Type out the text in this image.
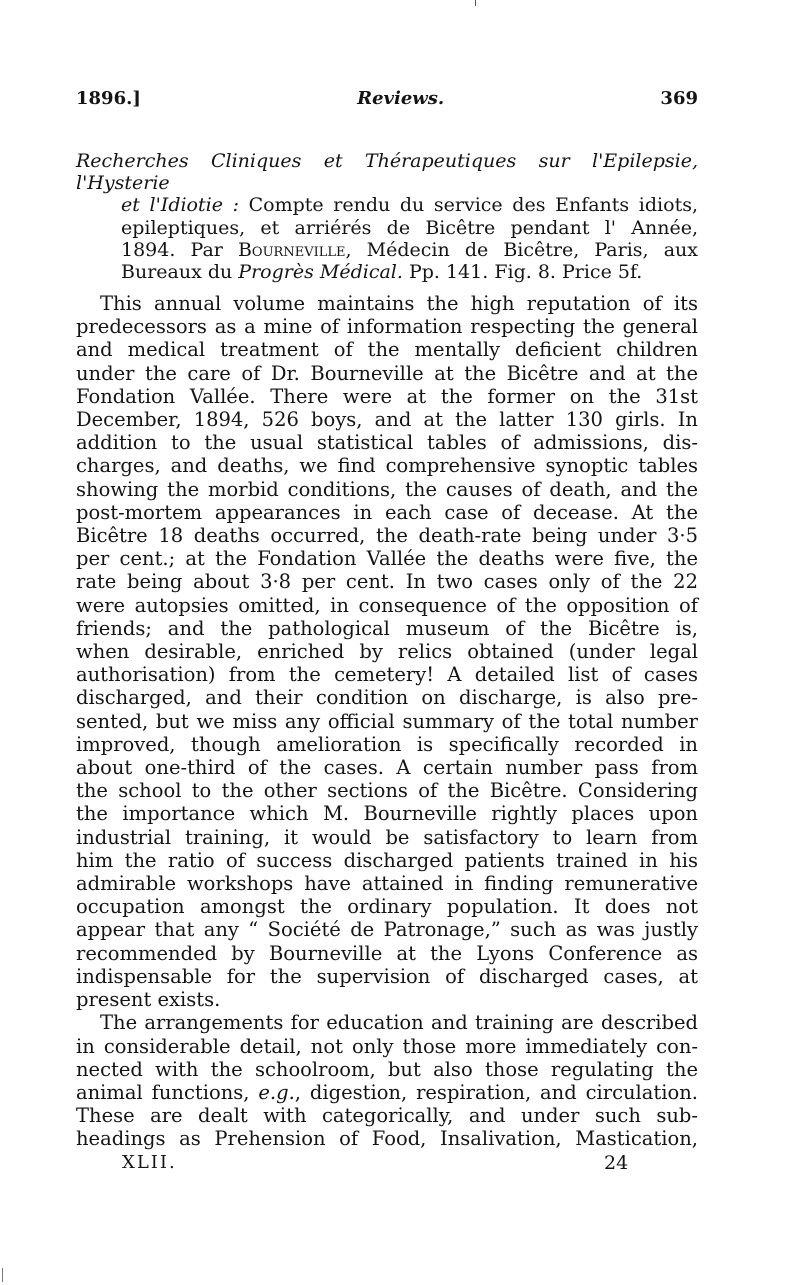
1896.]	Reviews.	369
Recherches Cliniques et Thérapeutiques sur l'Epilepsie, l'Hysterie
et l'Idiotie : Compte rendu du service des Enfants idiots,
epileptiques, et arriérés de Bicêtre pendant l' Année,
1894. Par Bourneville, Médecin de Bicêtre, Paris, aux
Bureaux du Progrès Médical. Pp. 141. Fig. 8. Price 5f.

This annual volume maintains the high reputation of its
predecessors as a mine of information respecting the general
and medical treatment of the mentally deficient children
under the care of Dr. Bourneville at the Bicêtre and at the
Fondation Vallée. There were at the former on the 31st
December, 1894, 526 boys, and at the latter 130 girls. In
addition to the usual statistical tables of admissions, dis-
charges, and deaths, we find comprehensive synoptic tables
showing the morbid conditions, the causes of death, and the
post-mortem appearances in each case of decease. At the
Bicêtre 18 deaths occurred, the death-rate being under 3·5
per cent.; at the Fondation Vallée the deaths were five, the
rate being about 3·8 per cent. In two cases only of the 22
were autopsies omitted, in consequence of the opposition of
friends; and the pathological museum of the Bicêtre is,
when desirable, enriched by relics obtained (under legal
authorisation) from the cemetery! A detailed list of cases
discharged, and their condition on discharge, is also pre-
sented, but we miss any official summary of the total number
improved, though amelioration is specifically recorded in
about one-third of the cases. A certain number pass from
the school to the other sections of the Bicêtre. Considering
the importance which M. Bourneville rightly places upon
industrial training, it would be satisfactory to learn from
him the ratio of success discharged patients trained in his
admirable workshops have attained in finding remunerative
occupation amongst the ordinary population. It does not
appear that any “ Société de Patronage,” such as was justly
recommended by Bourneville at the Lyons Conference as
indispensable for the supervision of discharged cases, at
present exists.

The arrangements for education and training are described
in considerable detail, not only those more immediately con-
nected with the schoolroom, but also those regulating the
animal functions, e.g., digestion, respiration, and circulation.
These are dealt with categorically, and under such sub-
headings as Prehension of Food, Insalivation, Mastication,

XLII.	24
